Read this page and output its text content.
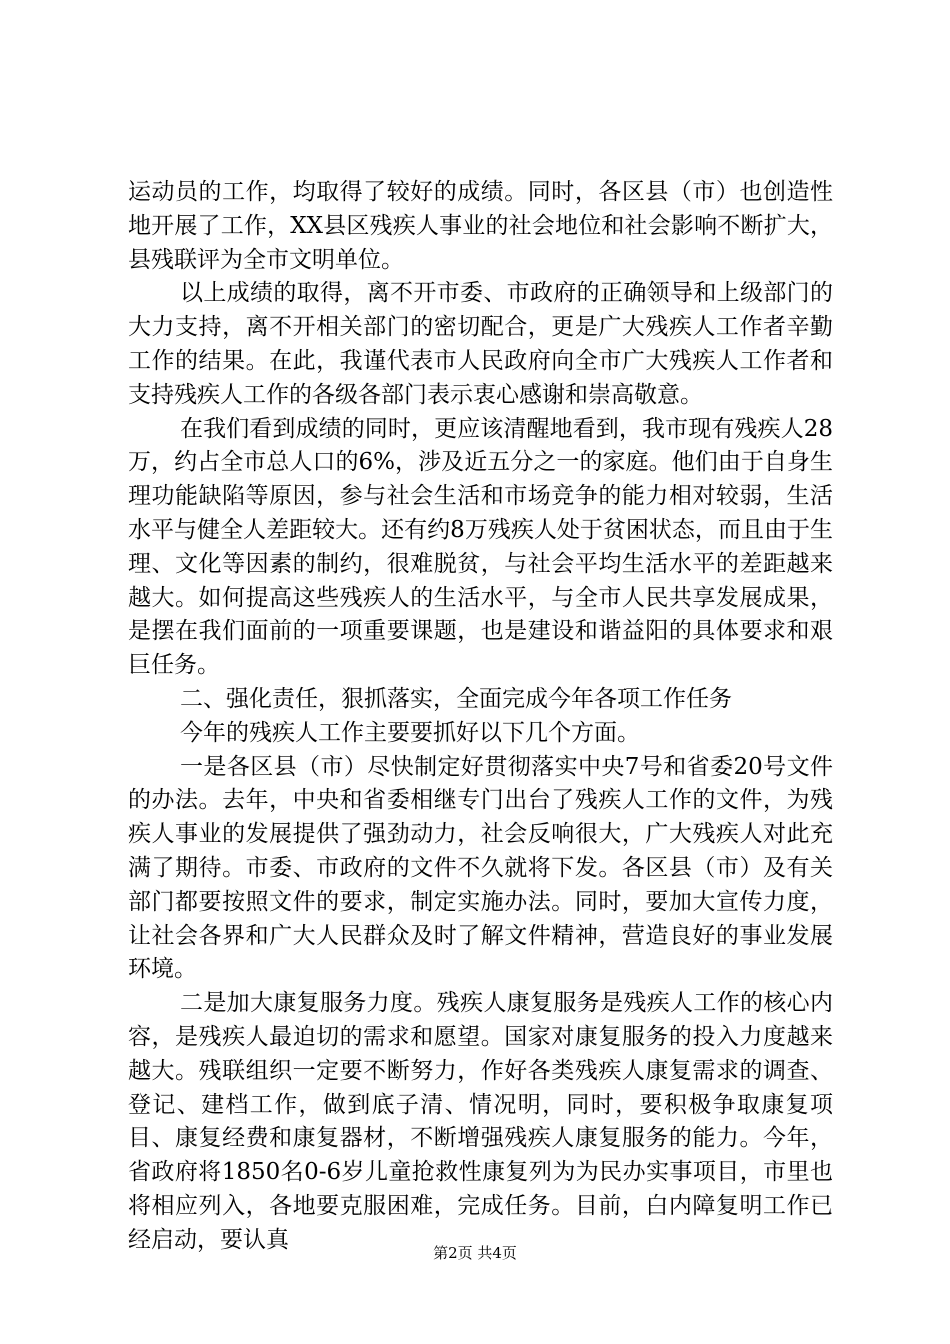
运动员的工作，均取得了较好的成绩。同时，各区县（市）也创造性地开展了工作，XX县区残疾人事业的社会地位和社会影响不断扩大，县残联评为全市文明单位。

以上成绩的取得，离不开市委、市政府的正确领导和上级部门的大力支持，离不开相关部门的密切配合，更是广大残疾人工作者辛勤工作的结果。在此，我谨代表市人民政府向全市广大残疾人工作者和支持残疾人工作的各级各部门表示衷心感谢和崇高敬意。

在我们看到成绩的同时，更应该清醒地看到，我市现有残疾人28万，约占全市总人口的6%，涉及近五分之一的家庭。他们由于自身生理功能缺陷等原因，参与社会生活和市场竞争的能力相对较弱，生活水平与健全人差距较大。还有约8万残疾人处于贫困状态，而且由于生理、文化等因素的制约，很难脱贫，与社会平均生活水平的差距越来越大。如何提高这些残疾人的生活水平，与全市人民共享发展成果，是摆在我们面前的一项重要课题，也是建设和谐益阳的具体要求和艰巨任务。

二、强化责任，狠抓落实，全面完成今年各项工作任务

今年的残疾人工作主要要抓好以下几个方面。

一是各区县（市）尽快制定好贯彻落实中央7号和省委20号文件的办法。去年，中央和省委相继专门出台了残疾人工作的文件，为残疾人事业的发展提供了强劲动力，社会反响很大，广大残疾人对此充满了期待。市委、市政府的文件不久就将下发。各区县（市）及有关部门都要按照文件的要求，制定实施办法。同时，要加大宣传力度，让社会各界和广大人民群众及时了解文件精神，营造良好的事业发展环境。

二是加大康复服务力度。残疾人康复服务是残疾人工作的核心内容，是残疾人最迫切的需求和愿望。国家对康复服务的投入力度越来越大。残联组织一定要不断努力，作好各类残疾人康复需求的调查、登记、建档工作，做到底子清、情况明，同时，要积极争取康复项目、康复经费和康复器材，不断增强残疾人康复服务的能力。今年，省政府将1850名0-6岁儿童抢救性康复列为为民办实事项目，市里也将相应列入，各地要克服困难，完成任务。目前，白内障复明工作已经启动，要认真

第2页 共4页
